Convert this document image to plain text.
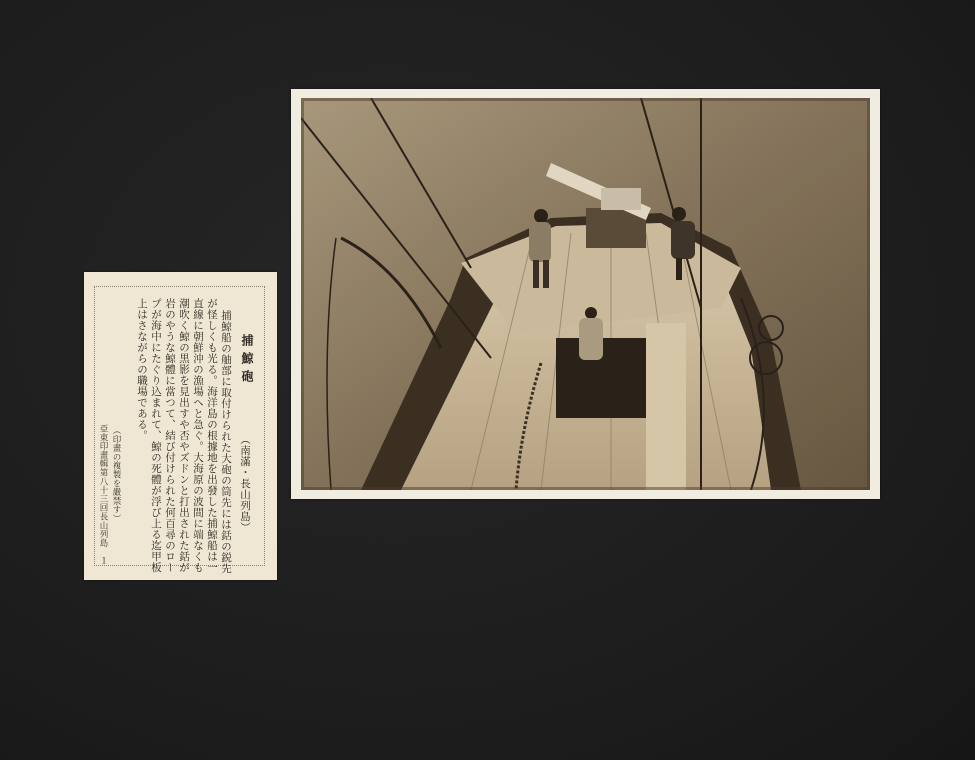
捕鯨砲
（南滿・長山列島）
捕鯨船の舳部に取付けられた大砲の筒先には銛の鋭先
が怪しくも光る。海洋島の根據地を出發した捕鯨船は一
直線に朝鮮沖の漁場へと急ぐ。大海原の波間に端なくも
潮吹く鯨の黒影を見出すや否やズドンと打出された銛が
岩のやうな鯨體に當つて、結び付けられた何百尋のロー
プが海中にたぐり込まれて、鯨の死體が浮び上る迄甲板
上はさながらの職場である。
（印畫の複製を嚴禁す）
亞東印畫輯第八十三回長山列島　１
